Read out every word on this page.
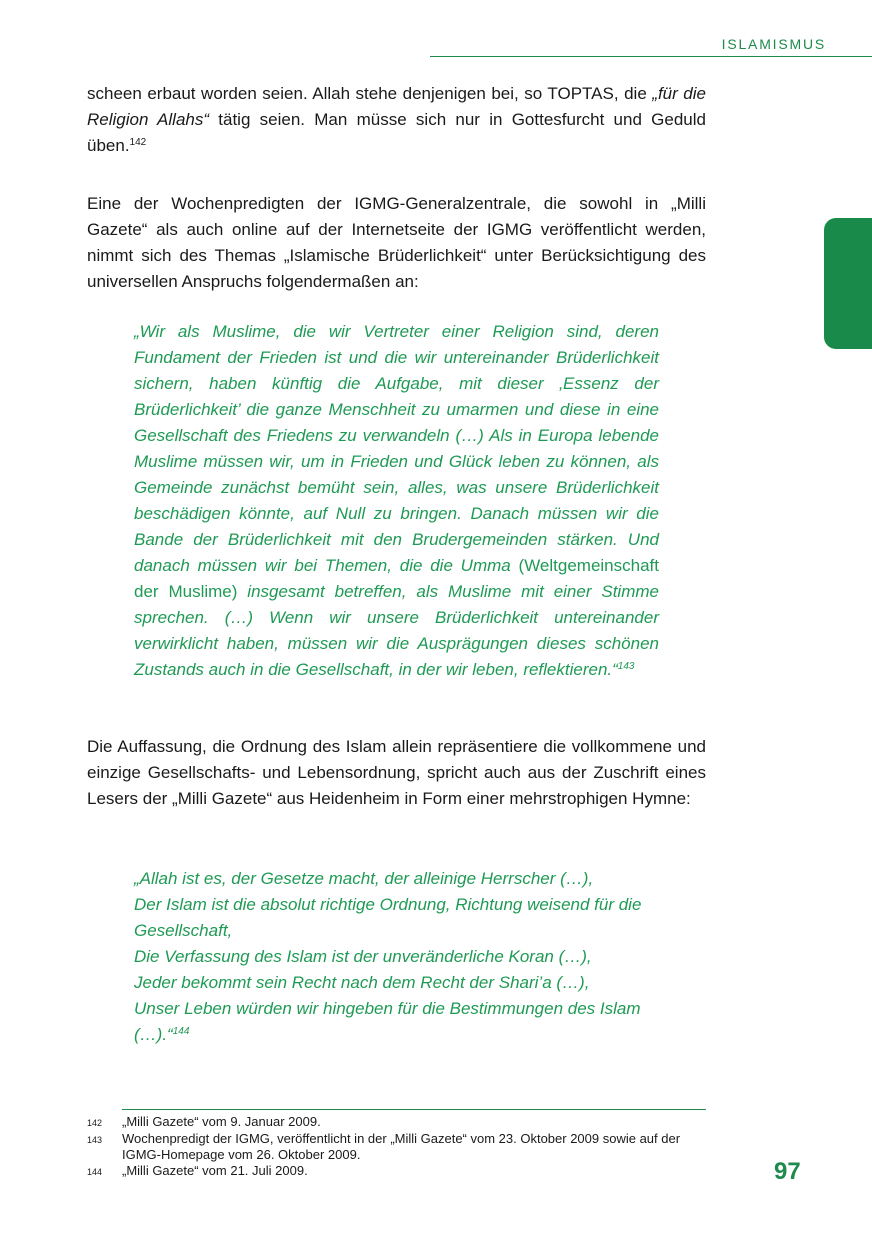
ISLAMISMUS

scheen erbaut worden seien. Allah stehe denjenigen bei, so TOPTAS, die „für die Religion Allahs“ tätig seien. Man müsse sich nur in Gottesfurcht und Geduld üben.$^{142}$

Eine der Wochenpredigten der IGMG-Generalzentrale, die sowohl in „Milli Gazete“ als auch online auf der Internetseite der IGMG veröffentlicht werden, nimmt sich des Themas „Islamische Brüderlichkeit“ unter Berücksichtigung des universellen Anspruchs folgendermaßen an:

„Wir als Muslime, die wir Vertreter einer Religion sind, deren Fundament der Frieden ist und die wir untereinander Brüderlichkeit sichern, haben künftig die Aufgabe, mit dieser ‚Essenz der Brüderlichkeit’ die ganze Menschheit zu umarmen und diese in eine Gesellschaft des Friedens zu verwandeln (…) Als in Europa lebende Muslime müssen wir, um in Frieden und Glück leben zu können, als Gemeinde zunächst bemüht sein, alles, was unsere Brüderlichkeit beschädigen könnte, auf Null zu bringen. Danach müssen wir die Bande der Brüderlichkeit mit den Brudergemeinden stärken. Und danach müssen wir bei Themen, die die Umma (Weltgemeinschaft der Muslime) insgesamt betreffen, als Muslime mit einer Stimme sprechen. (…) Wenn wir unsere Brüderlichkeit untereinander verwirklicht haben, müssen wir die Ausprägungen dieses schönen Zustands auch in die Gesellschaft, in der wir leben, reflektieren.“$^{143}$

Die Auffassung, die Ordnung des Islam allein repräsentiere die vollkommene und einzige Gesellschafts- und Lebensordnung, spricht auch aus der Zuschrift eines Lesers der „Milli Gazete“ aus Heidenheim in Form einer mehrstrophigen Hymne:

„Allah ist es, der Gesetze macht, der alleinige Herrscher (…),
Der Islam ist die absolut richtige Ordnung, Richtung weisend für die Gesellschaft,
Die Verfassung des Islam ist der unveränderliche Koran (…),
Jeder bekommt sein Recht nach dem Recht der Shari’a (…),
Unser Leben würden wir hingeben für die Bestimmungen des Islam (…).“$^{144}$
142	„Milli Gazete“ vom 9. Januar 2009.
143	Wochenpredigt der IGMG, veröffentlicht in der „Milli Gazete“ vom 23. Oktober 2009 sowie auf der IGMG-Homepage vom 26. Oktober 2009.
144	„Milli Gazete“ vom 21. Juli 2009.	97
